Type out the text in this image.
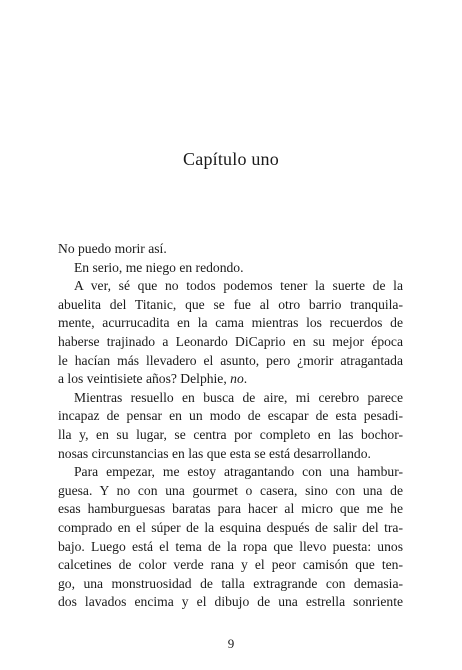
Capítulo uno
No puedo morir así.
En serio, me niego en redondo.
A ver, sé que no todos podemos tener la suerte de la
abuelita del Titanic, que se fue al otro barrio tranquila-
mente, acurrucadita en la cama mientras los recuerdos de
haberse trajinado a Leonardo DiCaprio en su mejor época
le hacían más llevadero el asunto, pero ¿morir atragantada
a los veintisiete años? Delphie, no.
Mientras resuello en busca de aire, mi cerebro parece
incapaz de pensar en un modo de escapar de esta pesadi-
lla y, en su lugar, se centra por completo en las bochor-
nosas circunstancias en las que esta se está desarrollando.
Para empezar, me estoy atragantando con una hambur-
guesa. Y no con una gourmet o casera, sino con una de
esas hamburguesas baratas para hacer al micro que me he
comprado en el súper de la esquina después de salir del tra-
bajo. Luego está el tema de la ropa que llevo puesta: unos
calcetines de color verde rana y el peor camisón que ten-
go, una monstruosidad de talla extragrande con demasia-
dos lavados encima y el dibujo de una estrella sonriente
9
